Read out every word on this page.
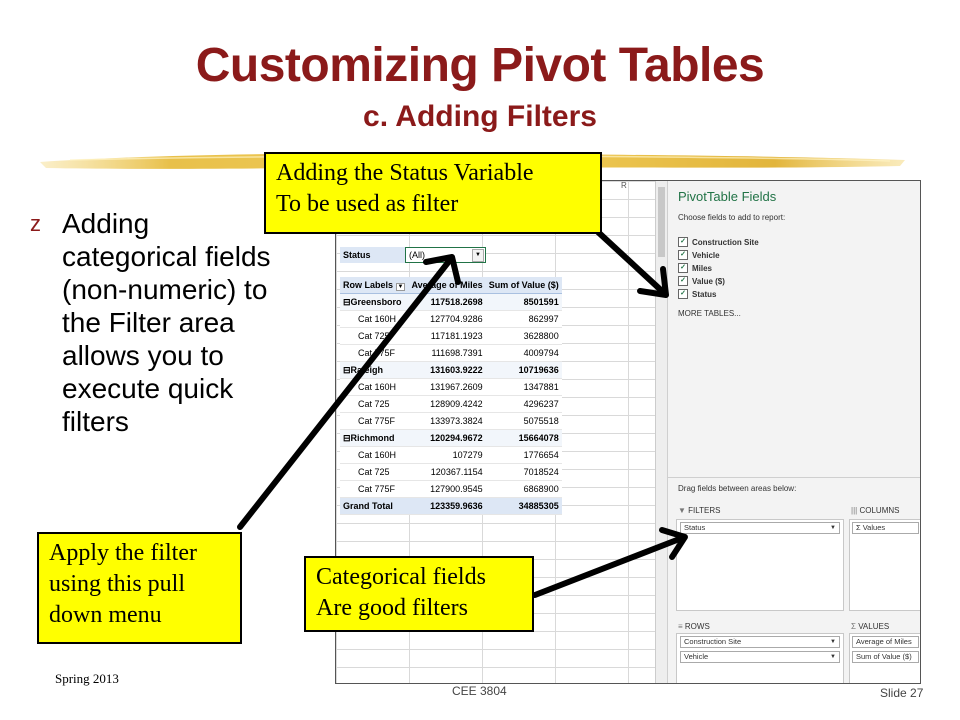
Customizing Pivot Tables
c. Adding Filters
z Adding categorical fields (non-numeric) to the Filter area allows you to execute quick filters
R
Status	(All)	▼
Row Labels ▼	Average of Miles	Sum of Value ($)
⊟Greensboro	117518.2698	8501591
Cat 160H	127704.9286	862997
Cat 725	117181.1923	3628800
Cat 775F	111698.7391	4009794
⊟Raleigh	131603.9222	10719636
Cat 160H	131967.2609	1347881
Cat 725	128909.4242	4296237
Cat 775F	133973.3824	5075518
⊟Richmond	120294.9672	15664078
Cat 160H	107279	1776654
Cat 725	120367.1154	7018524
Cat 775F	127900.9545	6868900
Grand Total	123359.9636	34885305
PivotTable Fields
Choose fields to add to report:
✓ Construction Site
✓ Vehicle
✓ Miles
✓ Value ($)
✓ Status
MORE TABLES...
Drag fields between areas below:
▼ FILTERS	||| COLUMNS
Status	▼	Σ Values
≡ ROWS	Σ VALUES
Construction Site	▼
Vehicle	▼
Average of Miles
Sum of Value ($)
Adding the Status Variable
To be used as filter
Apply the filter
using this pull
down menu
Categorical fields
Are good filters
Spring 2013
CEE 3804	Slide 27
